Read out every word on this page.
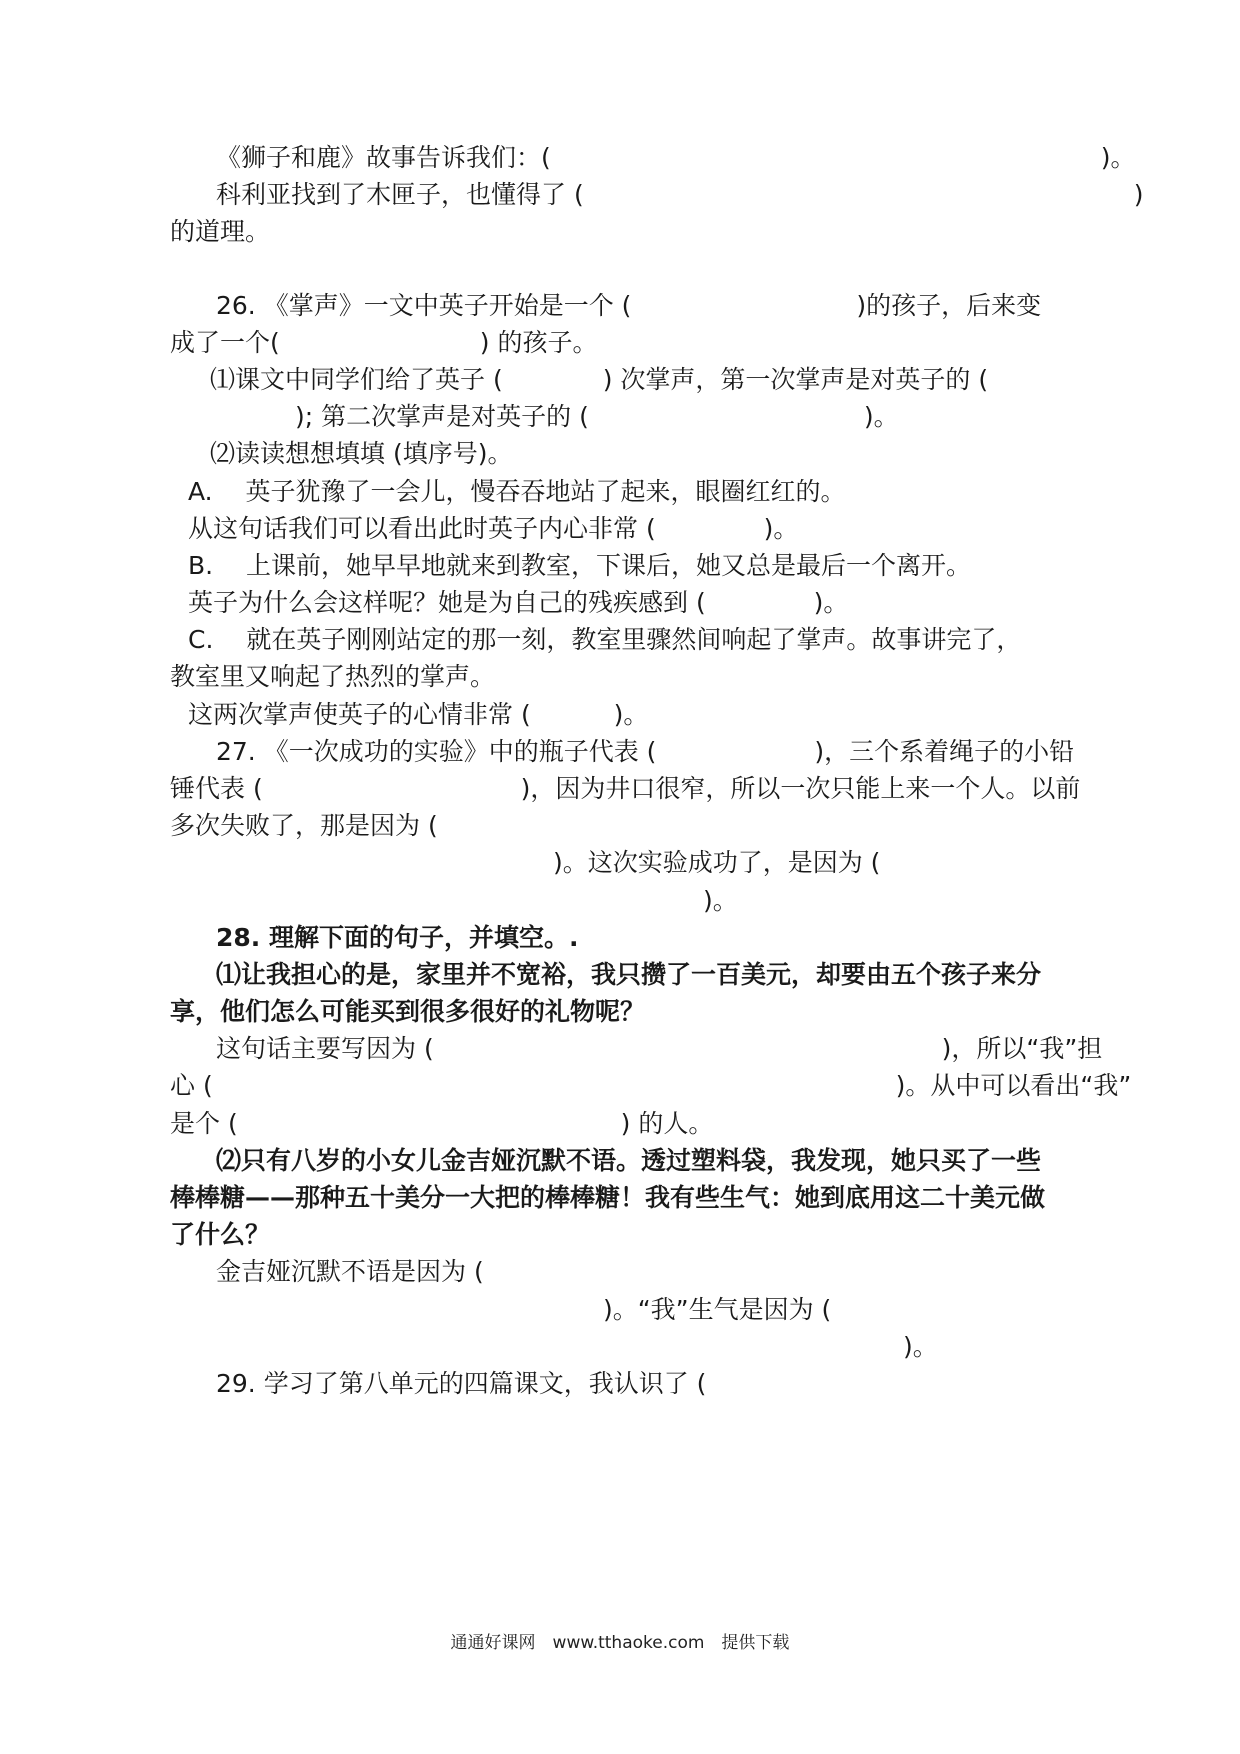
《狮子和鹿》故事告诉我们：(　　　　　　　　　　　　　　　　　　　　　　)。

科利亚找到了木匣子，也懂得了 (　　　　　　　　　　　　　　　　　　　　　　)

的道理。

26. 《掌声》一文中英子开始是一个 (　　　　　　　　　)的孩子，后来变

成了一个(　　　　　　　　) 的孩子。

⑴课文中同学们给了英子 (　　　　) 次掌声，第一次掌声是对英子的 (

　　　　　); 第二次掌声是对英子的 (　　　　　　　　　　　)。

⑵读读想想填填 (填序号)。

A.　 英子犹豫了一会儿，慢吞吞地站了起来，眼圈红红的。

从这句话我们可以看出此时英子内心非常 (　　　　 )。

B.　 上课前，她早早地就来到教室，下课后，她又总是最后一个离开。

英子为什么会这样呢？她是为自己的残疾感到 (　　　　 )。

C.　 就在英子刚刚站定的那一刻，教室里骤然间响起了掌声。故事讲完了，

教室里又响起了热烈的掌声。

这两次掌声使英子的心情非常 (　　　 )。

27. 《一次成功的实验》中的瓶子代表 (　　　　　　 )，三个系着绳子的小铅

锤代表 (　　　　　　　　　　 )，因为井口很窄，所以一次只能上来一个人。以前

多次失败了，那是因为 (

　　　　　　　　　　　　　　　 )。这次实验成功了，是因为 (

　　　　　　　　　　　　　　　　　　　　　 )。

28. 理解下面的句子，并填空。.

⑴让我担心的是，家里并不宽裕，我只攒了一百美元，却要由五个孩子来分

享，他们怎么可能买到很多很好的礼物呢？

这句话主要写因为 (　　　　　　　　　　　　　　　　　　　　 )，所以“我”担

心 (　　　　　　　　　　　　　　　　　　　　　　　　　　　 )。从中可以看出“我”

是个 (　　　　　　　　　　　　　　　 ) 的人。

⑵只有八岁的小女儿金吉娅沉默不语。透过塑料袋，我发现，她只买了一些

棒棒糖——那种五十美分一大把的棒棒糖！我有些生气：她到底用这二十美元做

了什么？

金吉娅沉默不语是因为 (

　　　　　　　　　　　　　　　　　 )。“我”生气是因为 (

　　　　　　　　　　　　　　　　　　　　　　　　　　　　　 )。

29. 学习了第八单元的四篇课文，我认识了 (

通通好课网　www.tthaoke.com　提供下载
